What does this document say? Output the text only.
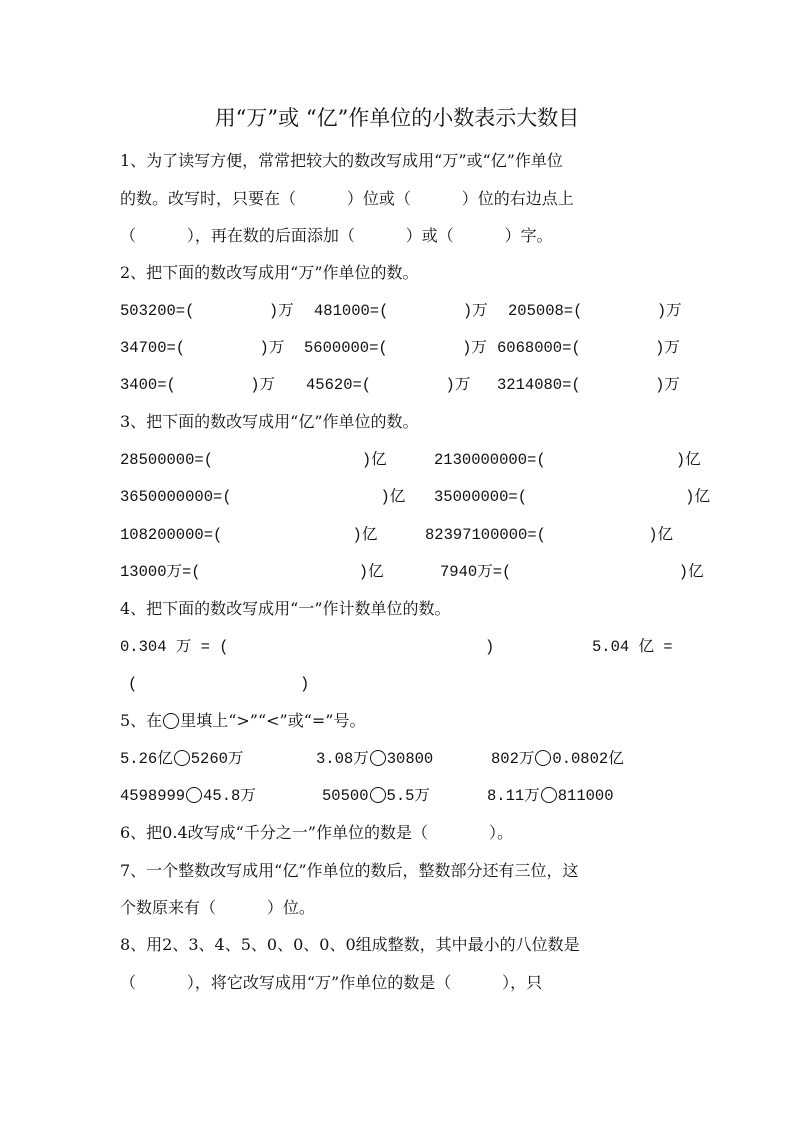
用“万”或 “亿”作单位的小数表示大数目
1、为了读写方便，常常把较大的数改写成用“万”或“亿”作单位
的数。改写时，只要在（          ）位或（          ）位的右边点上
（          ），再在数的后面添加（          ）或（          ）字。
2、把下面的数改写成用“万”作单位的数。
503200=(        )万 481000=(        )万 205008=(        )万
34700=(        )万 5600000=(        )万 6068000=(        )万
3400=(        )万 45620=(        )万 3214080=(        )万
3、把下面的数改写成用“亿”作单位的数。
28500000=(                )亿	2130000000=(              )亿
3650000000=(                )亿 35000000=(                 )亿
108200000=(              )亿	82397100000=(           )亿
13000万=(                 )亿	7940万=(                  )亿
4、把下面的数改写成用“一”作计数单位的数。
0.304 万 = (	)	5.04 亿 =
(	)
5、在 里填上“>”“<”或“=”号。
5.26亿 5260万	3.08万 30800	802万 0.0802亿
4598999 45.8万	50500 5.5万	8.11万 811000
6、把0.4改写成“千分之一”作单位的数是（            ）。
7、一个整数改写成用“亿”作单位的数后，整数部分还有三位，这
个数原来有（          ）位。
8、用2、3、4、5、0、0、0、0组成整数，其中最小的八位数是
（          ），将它改写成用“万”作单位的数是（          ），只
